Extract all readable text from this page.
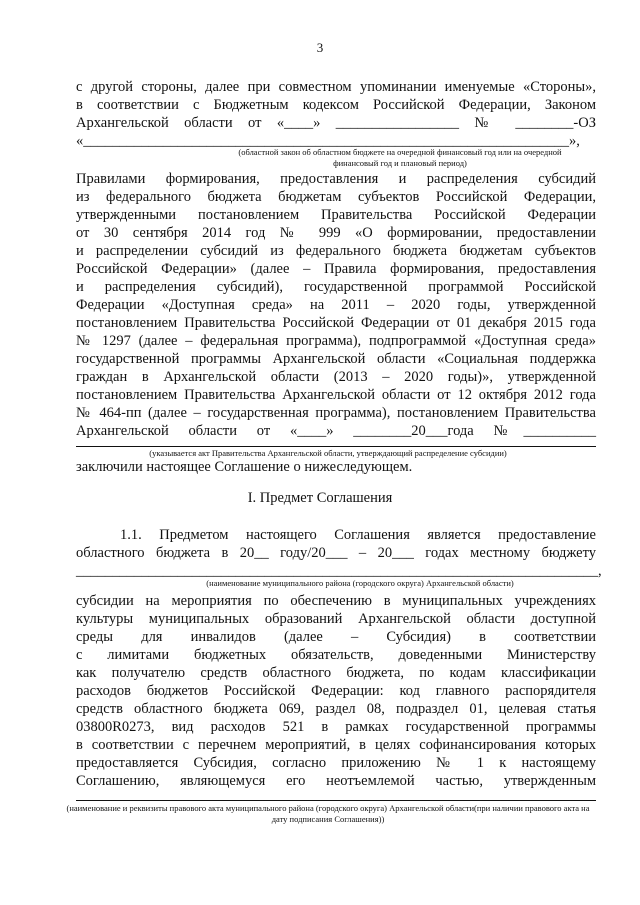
3
с другой стороны, далее при совместном упоминании именуемые «Стороны»,
в соответствии с Бюджетным кодексом Российской Федерации, Законом
Архангельской области от «____» _________________ № ________-ОЗ
«___________________________________________________________________»,
(областной закон об областном бюджете на очередной финансовый год или на очередной финансовый год и плановый период)
Правилами формирования, предоставления и распределения субсидий
из федерального бюджета бюджетам субъектов Российской Федерации,
утвержденными постановлением Правительства Российской Федерации
от 30 сентября 2014 год № 999 «О формировании, предоставлении
и распределении субсидий из федерального бюджета бюджетам субъектов
Российской Федерации» (далее – Правила формирования, предоставления
и распределения субсидий), государственной программой Российской
Федерации «Доступная среда» на 2011 – 2020 годы, утвержденной
постановлением Правительства Российской Федерации от 01 декабря 2015 года
№ 1297 (далее – федеральная программа), подпрограммой «Доступная среда»
государственной программы Архангельской области «Социальная поддержка
граждан в Архангельской области (2013 – 2020 годы)», утвержденной
постановлением Правительства Архангельской области от 12 октября 2012 года
№ 464-пп (далее – государственная программа), постановлением Правительства
Архангельской области от «____» ________20___года №__________
(указывается акт Правительства Архангельской области, утверждающий распределение субсидии)
заключили настоящее Соглашение о нижеследующем.
I. Предмет Соглашения
1.1. Предметом настоящего Соглашения является предоставление
областного бюджета в 20__ году/20___ – 20___ годах местному бюджету
________________________________________________________________________,
(наименование муниципального района (городского округа) Архангельской области)
субсидии на мероприятия по обеспечению в муниципальных учреждениях
культуры муниципальных образований Архангельской области доступной
среды для инвалидов (далее – Субсидия) в соответствии
с лимитами бюджетных обязательств, доведенными Министерству
как получателю средств областного бюджета, по кодам классификации
расходов бюджетов Российской Федерации: код главного распорядителя
средств областного бюджета 069, раздел 08, подраздел 01, целевая статья
03800R0273, вид расходов 521 в рамках государственной программы
в соответствии с перечнем мероприятий, в целях софинансирования которых
предоставляется Субсидия, согласно приложению № 1 к настоящему
Соглашению, являющемуся его неотъемлемой частью, утвержденным
(наименование и реквизиты правового акта муниципального района (городского округа) Архангельской области(при наличии правового акта на дату подписания Соглашения))
